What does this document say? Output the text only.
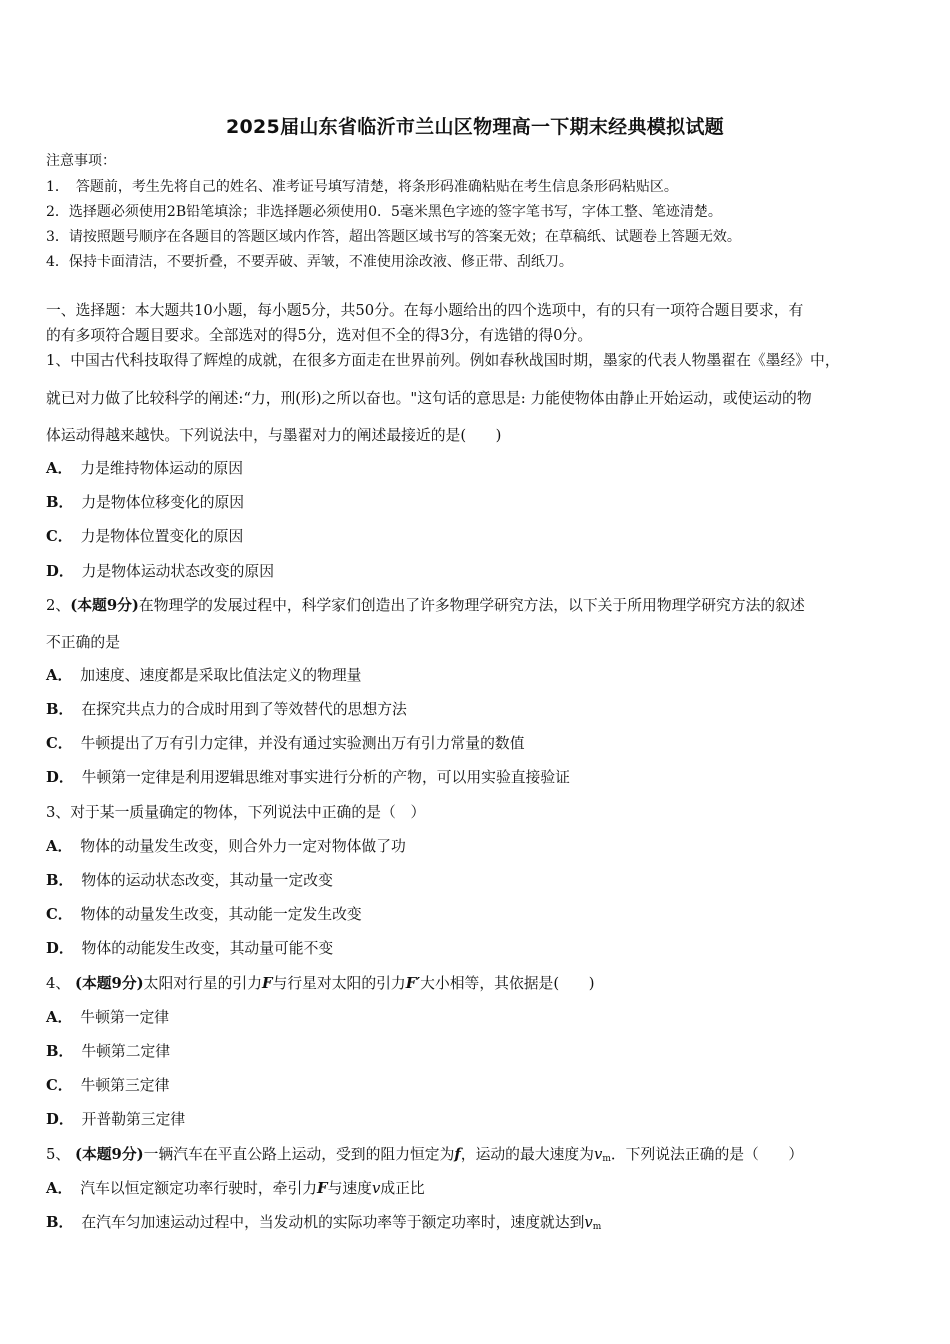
2025届山东省临沂市兰山区物理高一下期末经典模拟试题
注意事项：
1．　答题前，考生先将自己的姓名、准考证号填写清楚，将条形码准确粘贴在考生信息条形码粘贴区。
2．选择题必须使用2B铅笔填涂；非选择题必须使用0．5毫米黑色字迹的签字笔书写，字体工整、笔迹清楚。
3．请按照题号顺序在各题目的答题区域内作答，超出答题区域书写的答案无效；在草稿纸、试题卷上答题无效。
4．保持卡面清洁，不要折叠，不要弄破、弄皱，不准使用涂改液、修正带、刮纸刀。
一、选择题：本大题共10小题，每小题5分，共50分。在每小题给出的四个选项中，有的只有一项符合题目要求，有
的有多项符合题目要求。全部选对的得5分，选对但不全的得3分，有选错的得0分。
1、中国古代科技取得了辉煌的成就，在很多方面走在世界前列。例如春秋战国时期，墨家的代表人物墨翟在《墨经》中，
就已对力做了比较科学的阐述:“力，刑(形)之所以奋也。"这句话的意思是: 力能使物体由静止开始运动，或使运动的物
体运动得越来越快。下列说法中，与墨翟对力的阐述最接近的是(　　)
A． 力是维持物体运动的原因
B． 力是物体位移变化的原因
C． 力是物体位置变化的原因
D． 力是物体运动状态改变的原因
2、(本题9分)在物理学的发展过程中，科学家们创造出了许多物理学研究方法，以下关于所用物理学研究方法的叙述
不正确的是
A． 加速度、速度都是采取比值法定义的物理量
B． 在探究共点力的合成时用到了等效替代的思想方法
C． 牛顿提出了万有引力定律，并没有通过实验测出万有引力常量的数值
D． 牛顿第一定律是利用逻辑思维对事实进行分析的产物，可以用实验直接验证
3、对于某一质量确定的物体，下列说法中正确的是（　）
A． 物体的动量发生改变，则合外力一定对物体做了功
B． 物体的运动状态改变，其动量一定改变
C． 物体的动量发生改变，其动能一定发生改变
D． 物体的动能发生改变，其动量可能不变
4、 (本题9分)太阳对行星的引力F与行星对太阳的引力F′大小相等，其依据是(　　)
A． 牛顿第一定律
B． 牛顿第二定律
C． 牛顿第三定律
D． 开普勒第三定律
5、 (本题9分)一辆汽车在平直公路上运动，受到的阻力恒定为f，运动的最大速度为$v_m$．下列说法正确的是（　　）
A． 汽车以恒定额定功率行驶时，牵引力F与速度v成正比
B． 在汽车匀加速运动过程中，当发动机的实际功率等于额定功率时，速度就达到$v_m$
